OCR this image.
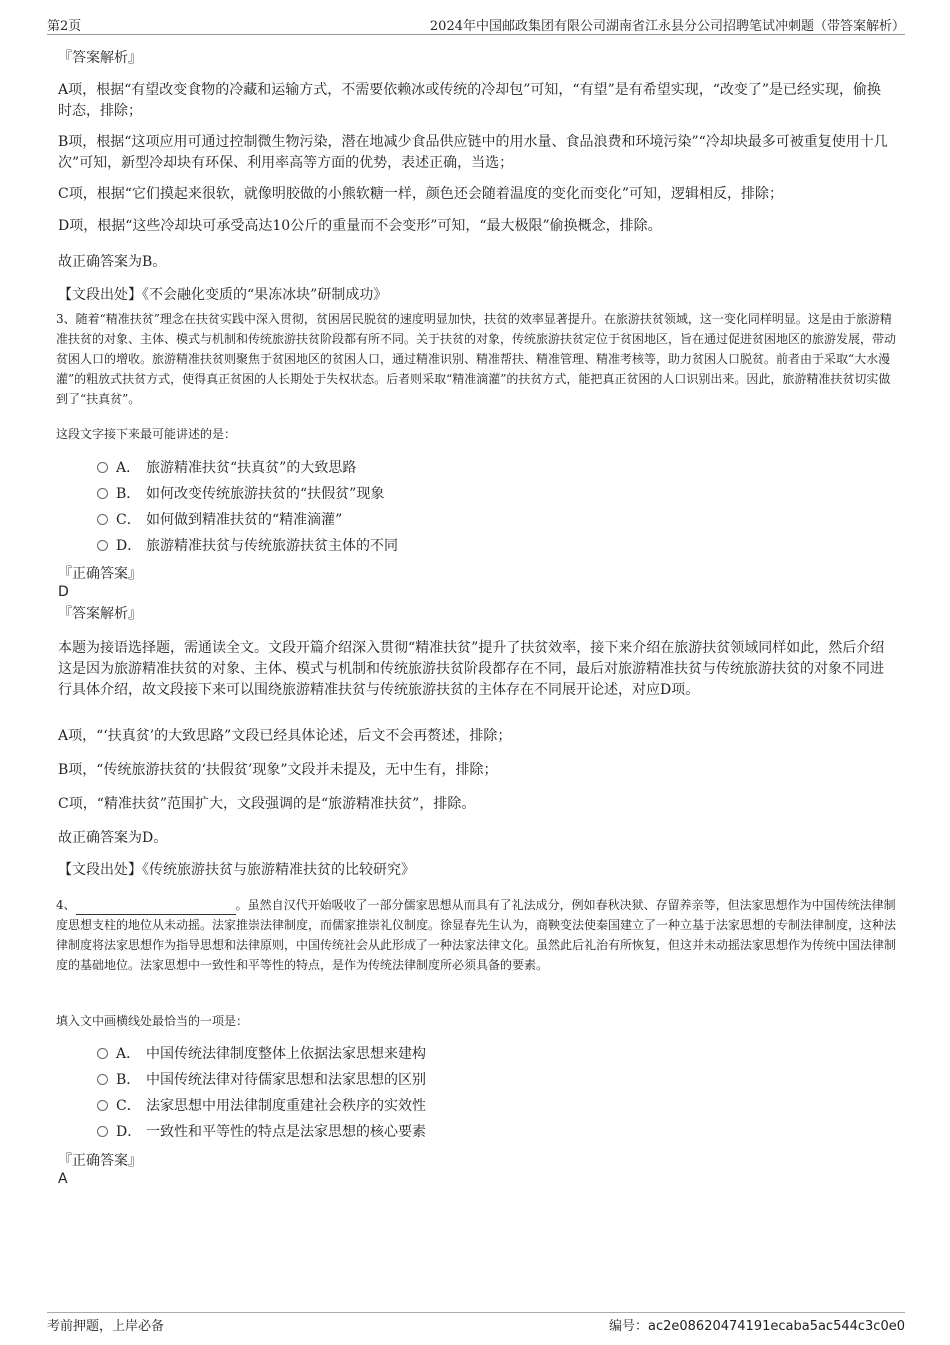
第2页	2024年中国邮政集团有限公司湖南省江永县分公司招聘笔试冲刺题（带答案解析）
『答案解析』
A项，根据“有望改变食物的冷藏和运输方式，不需要依赖冰或传统的冷却包”可知，“有望”是有希望实现，“改变了”是已经实现，偷换时态，排除；
B项，根据“这项应用可通过控制微生物污染，潜在地减少食品供应链中的用水量、食品浪费和环境污染”“冷却块最多可被重复使用十几次”可知，新型冷却块有环保、利用率高等方面的优势，表述正确，当选；
C项，根据“它们摸起来很软，就像明胶做的小熊软糖一样，颜色还会随着温度的变化而变化”可知，逻辑相反，排除；
D项，根据“这些冷却块可承受高达10公斤的重量而不会变形”可知，“最大极限”偷换概念，排除。
故正确答案为B。
【文段出处】《不会融化变质的“果冻冰块”研制成功》
3、随着“精准扶贫”理念在扶贫实践中深入贯彻，贫困居民脱贫的速度明显加快，扶贫的效率显著提升。在旅游扶贫领域，这一变化同样明显。这是由于旅游精准扶贫的对象、主体、模式与机制和传统旅游扶贫阶段都有所不同。关于扶贫的对象，传统旅游扶贫定位于贫困地区，旨在通过促进贫困地区的旅游发展，带动贫困人口的增收。旅游精准扶贫则聚焦于贫困地区的贫困人口，通过精准识别、精准帮扶、精准管理、精准考核等，助力贫困人口脱贫。前者由于采取“大水漫灌”的粗放式扶贫方式，使得真正贫困的人长期处于失权状态。后者则采取“精准滴灌”的扶贫方式，能把真正贫困的人口识别出来。因此，旅游精准扶贫切实做到了“扶真贫”。
这段文字接下来最可能讲述的是：
A． 旅游精准扶贫“扶真贫”的大致思路
B． 如何改变传统旅游扶贫的“扶假贫”现象
C． 如何做到精准扶贫的“精准滴灌”
D． 旅游精准扶贫与传统旅游扶贫主体的不同
『正确答案』
D
『答案解析』
本题为接语选择题，需通读全文。文段开篇介绍深入贯彻“精准扶贫”提升了扶贫效率，接下来介绍在旅游扶贫领域同样如此，然后介绍这是因为旅游精准扶贫的对象、主体、模式与机制和传统旅游扶贫阶段都存在不同，最后对旅游精准扶贫与传统旅游扶贫的对象不同进行具体介绍，故文段接下来可以围绕旅游精准扶贫与传统旅游扶贫的主体存在不同展开论述，对应D项。
A项，“‘扶真贫’的大致思路”文段已经具体论述，后文不会再赘述，排除；
B项，“传统旅游扶贫的‘扶假贫’现象”文段并未提及，无中生有，排除；
C项，“精准扶贫”范围扩大，文段强调的是“旅游精准扶贫”，排除。
故正确答案为D。
【文段出处】《传统旅游扶贫与旅游精准扶贫的比较研究》
4、	。虽然自汉代开始吸收了一部分儒家思想从而具有了礼法成分，例如春秋决狱、存留养亲等，但法家思想作为中国传统法律制度思想支柱的地位从未动摇。法家推崇法律制度，而儒家推崇礼仪制度。徐显春先生认为，商鞅变法使秦国建立了一种立基于法家思想的专制法律制度，这种法律制度将法家思想作为指导思想和法律原则，中国传统社会从此形成了一种法家法律文化。虽然此后礼治有所恢复，但这并未动摇法家思想作为传统中国法律制度的基础地位。法家思想中一致性和平等性的特点，是作为传统法律制度所必须具备的要素。
填入文中画横线处最恰当的一项是：
A． 中国传统法律制度整体上依据法家思想来建构
B． 中国传统法律对待儒家思想和法家思想的区别
C． 法家思想中用法律制度重建社会秩序的实效性
D． 一致性和平等性的特点是法家思想的核心要素
『正确答案』
A
考前押题，上岸必备	编号：ac2e08620474191ecaba5ac544c3c0e0
